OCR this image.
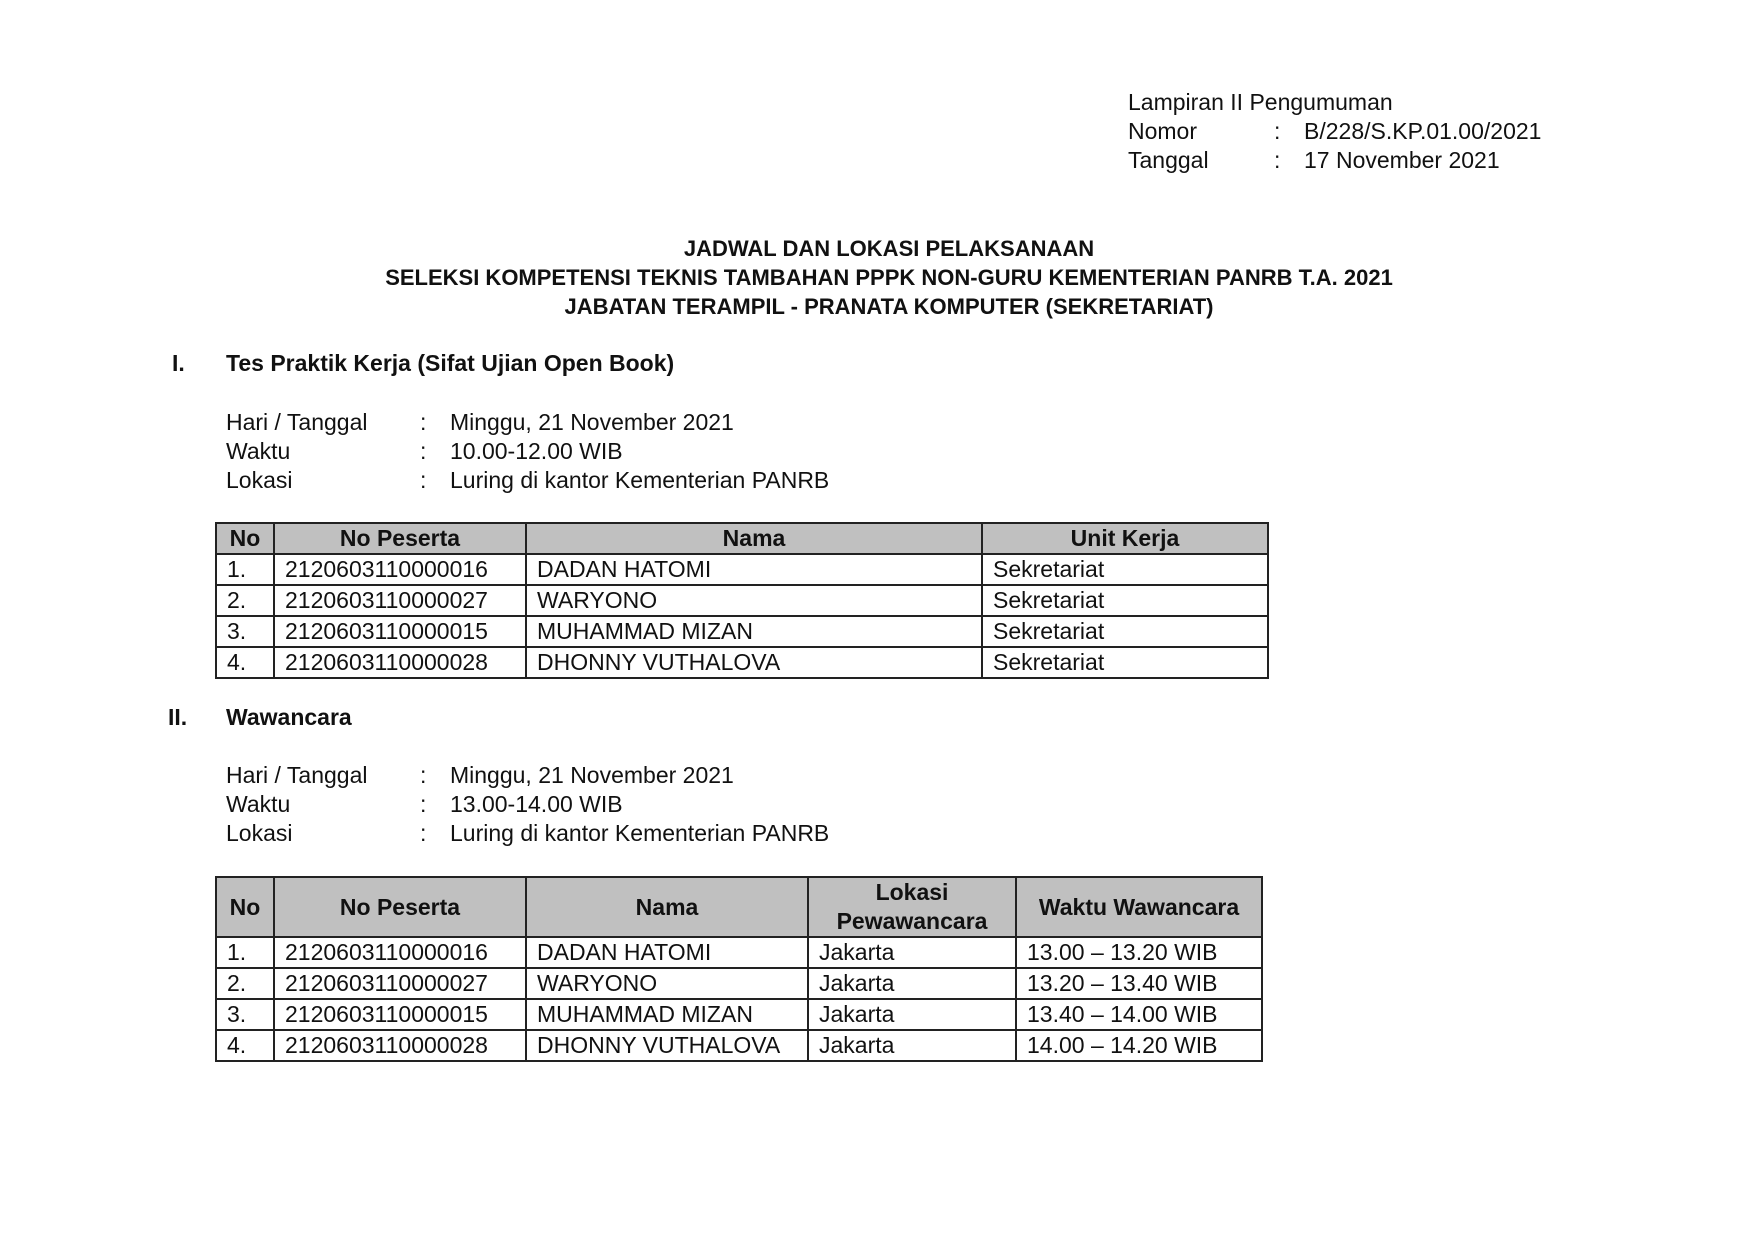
Lampiran II Pengumuman
Nomor	:	B/228/S.KP.01.00/2021
Tanggal	:	17 November 2021
JADWAL DAN LOKASI PELAKSANAAN
SELEKSI KOMPETENSI TEKNIS TAMBAHAN PPPK NON-GURU KEMENTERIAN PANRB T.A. 2021
JABATAN TERAMPIL - PRANATA KOMPUTER (SEKRETARIAT)
I. Tes Praktik Kerja (Sifat Ujian Open Book)
Hari / Tanggal	:	Minggu, 21 November 2021
Waktu	:	10.00-12.00 WIB
Lokasi	:	Luring di kantor Kementerian PANRB
No	No Peserta	Nama	Unit Kerja
1.	2120603110000016	DADAN HATOMI	Sekretariat
2.	2120603110000027	WARYONO	Sekretariat
3.	2120603110000015	MUHAMMAD MIZAN	Sekretariat
4.	2120603110000028	DHONNY VUTHALOVA	Sekretariat
II. Wawancara
Hari / Tanggal	:	Minggu, 21 November 2021
Waktu	:	13.00-14.00 WIB
Lokasi	:	Luring di kantor Kementerian PANRB
No	No Peserta	Nama	Lokasi Pewawancara	Waktu Wawancara
1.	2120603110000016	DADAN HATOMI	Jakarta	13.00 – 13.20 WIB
2.	2120603110000027	WARYONO	Jakarta	13.20 – 13.40 WIB
3.	2120603110000015	MUHAMMAD MIZAN	Jakarta	13.40 – 14.00 WIB
4.	2120603110000028	DHONNY VUTHALOVA	Jakarta	14.00 – 14.20 WIB
